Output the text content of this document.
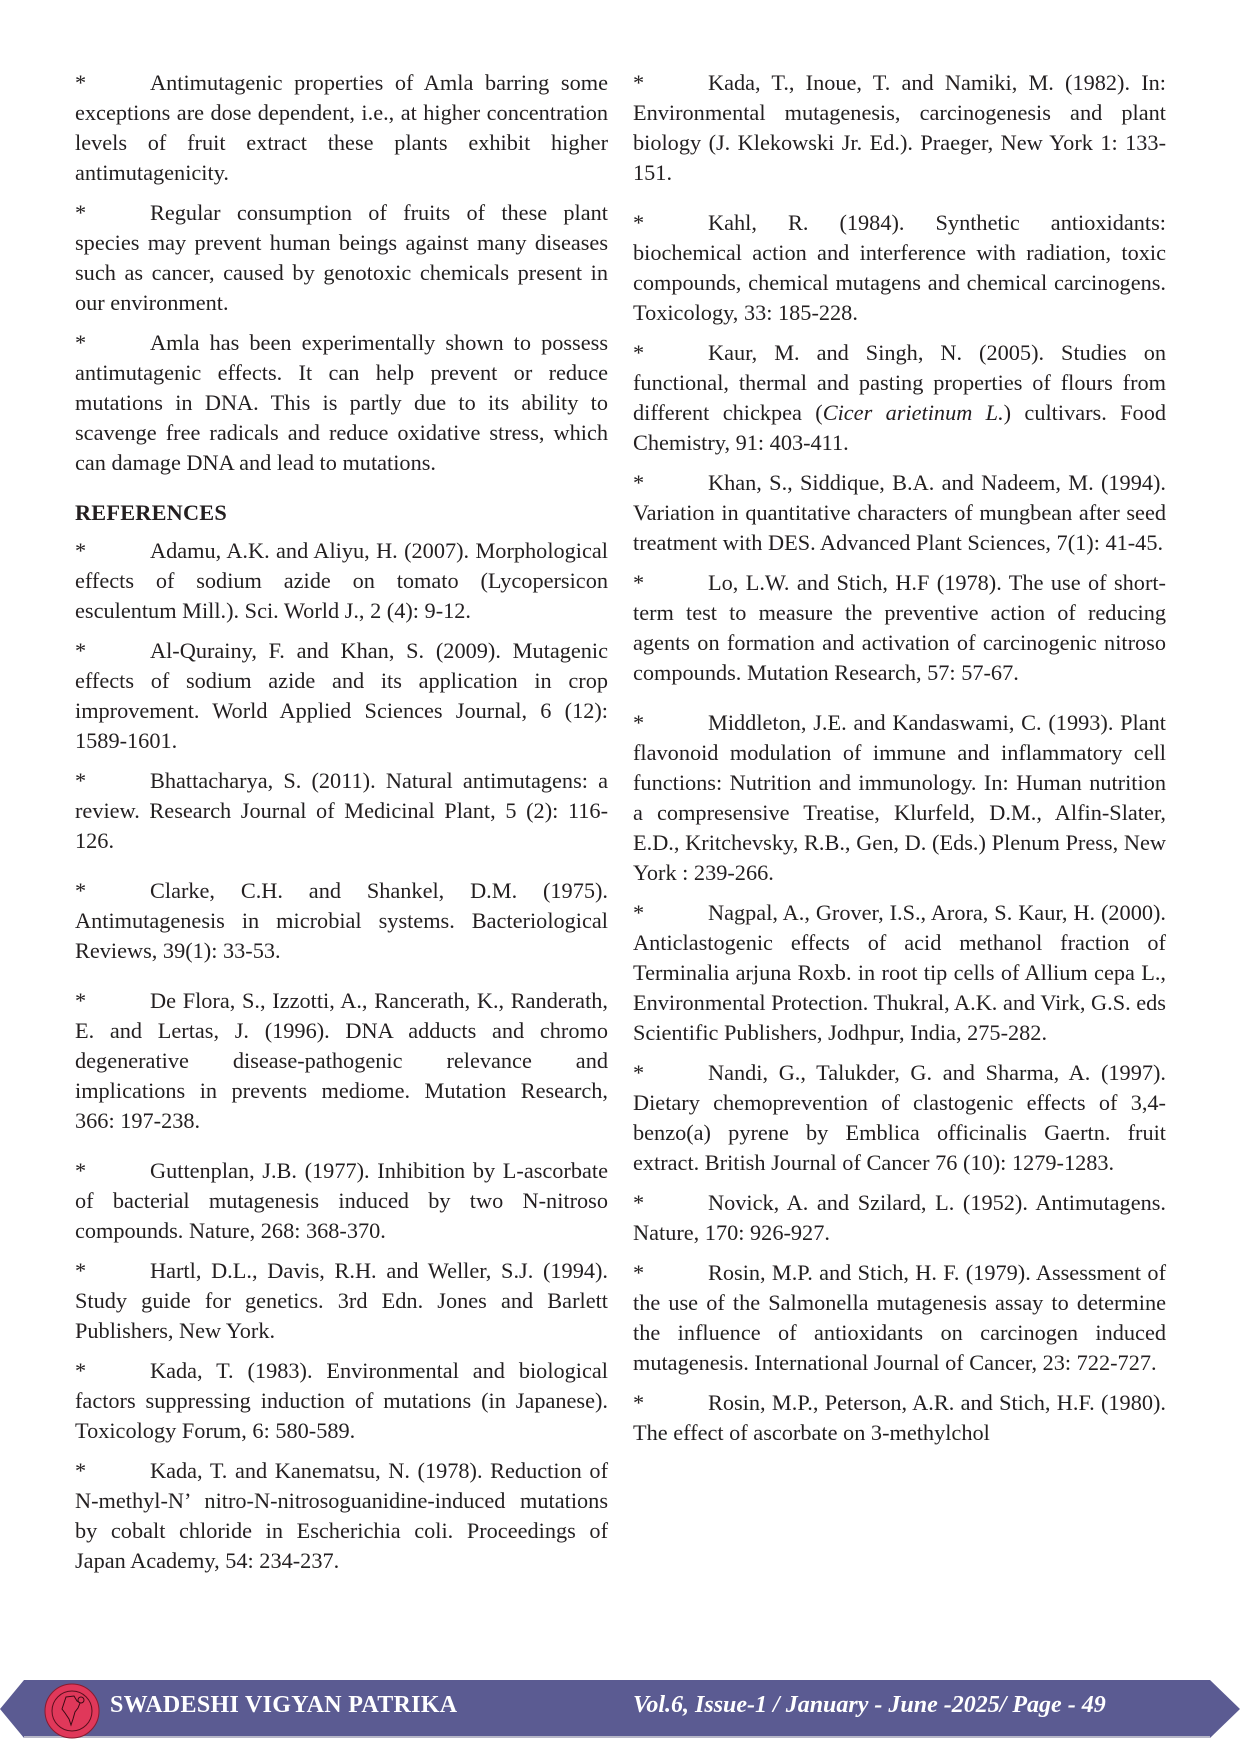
*	Antimutagenic properties of Amla barring some exceptions are dose dependent, i.e., at higher concentration levels of fruit extract these plants exhibit higher antimutagenicity.

*	Regular consumption of fruits of these plant species may prevent human beings against many diseases such as cancer, caused by genotoxic chemicals present in our environment.

*	Amla has been experimentally shown to possess antimutagenic effects. It can help prevent or reduce mutations in DNA. This is partly due to its ability to scavenge free radicals and reduce oxidative stress, which can damage DNA and lead to mutations.

REFERENCES

*	Adamu, A.K. and Aliyu, H. (2007). Morphological effects of sodium azide on tomato (Lycopersicon esculentum Mill.). Sci. World J., 2 (4): 9-12.

*	Al-Qurainy, F. and Khan, S. (2009). Mutagenic effects of sodium azide and its application in crop improvement. World Applied Sciences Journal, 6 (12): 1589-1601.

*	Bhattacharya, S. (2011). Natural antimutagens: a review. Research Journal of Medicinal Plant, 5 (2): 116-126.

*	Clarke, C.H. and Shankel, D.M. (1975). Antimutagenesis in microbial systems. Bacteriological Reviews, 39(1): 33-53.

*	De Flora, S., Izzotti, A., Rancerath, K., Randerath, E. and Lertas, J. (1996). DNA adducts and chromo degenerative disease-pathogenic relevance and implications in prevents mediome. Mutation Research, 366: 197-238.

*	Guttenplan, J.B. (1977). Inhibition by L-ascorbate of bacterial mutagenesis induced by two N-nitroso compounds. Nature, 268: 368-370.

*	Hartl, D.L., Davis, R.H. and Weller, S.J. (1994). Study guide for genetics. 3rd Edn. Jones and Barlett Publishers, New York.

*	Kada, T. (1983). Environmental and biological factors suppressing induction of mutations (in Japanese). Toxicology Forum, 6: 580-589.

*	Kada, T. and Kanematsu, N. (1978). Reduction of N-methyl-N’ nitro-N-nitrosoguanidine-induced mutations by cobalt chloride in Escherichia coli. Proceedings of Japan Academy, 54: 234-237.

*	Kada, T., Inoue, T. and Namiki, M. (1982). In: Environmental mutagenesis, carcinogenesis and plant biology (J. Klekowski Jr. Ed.). Praeger, New York 1: 133-151.

*	Kahl, R. (1984). Synthetic antioxidants: biochemical action and interference with radiation, toxic compounds, chemical mutagens and chemical carcinogens. Toxicology, 33: 185-228.

*	Kaur, M. and Singh, N. (2005). Studies on functional, thermal and pasting properties of flours from different chickpea (Cicer arietinum L.) cultivars. Food Chemistry, 91: 403-411.

*	Khan, S., Siddique, B.A. and Nadeem, M. (1994). Variation in quantitative characters of mungbean after seed treatment with DES. Advanced Plant Sciences, 7(1): 41-45.

*	Lo, L.W. and Stich, H.F (1978). The use of short-term test to measure the preventive action of reducing agents on formation and activation of carcinogenic nitroso compounds. Mutation Research, 57: 57-67.

*	Middleton, J.E. and Kandaswami, C. (1993). Plant flavonoid modulation of immune and inflammatory cell functions: Nutrition and immunology. In: Human nutrition a compresensive Treatise, Klurfeld, D.M., Alfin-Slater, E.D., Kritchevsky, R.B., Gen, D. (Eds.) Plenum Press, New York : 239-266.

*	Nagpal, A., Grover, I.S., Arora, S. Kaur, H. (2000). Anticlastogenic effects of acid methanol fraction of Terminalia arjuna Roxb. in root tip cells of Allium cepa L., Environmental Protection. Thukral, A.K. and Virk, G.S. eds Scientific Publishers, Jodhpur, India, 275-282.

*	Nandi, G., Talukder, G. and Sharma, A. (1997). Dietary chemoprevention of clastogenic effects of 3,4-benzo(a) pyrene by Emblica officinalis Gaertn. fruit extract. British Journal of Cancer 76 (10): 1279-1283.

*	Novick, A. and Szilard, L. (1952). Antimutagens. Nature, 170: 926-927.

*	Rosin, M.P. and Stich, H. F. (1979). Assessment of the use of the Salmonella mutagenesis assay to determine the influence of antioxidants on carcinogen induced mutagenesis. International Journal of Cancer, 23: 722-727.

*	Rosin, M.P., Peterson, A.R. and Stich, H.F. (1980). The effect of ascorbate on 3-methylchol

SWADESHI VIGYAN PATRIKA	Vol.6, Issue-1 / January - June -2025/ Page - 49
